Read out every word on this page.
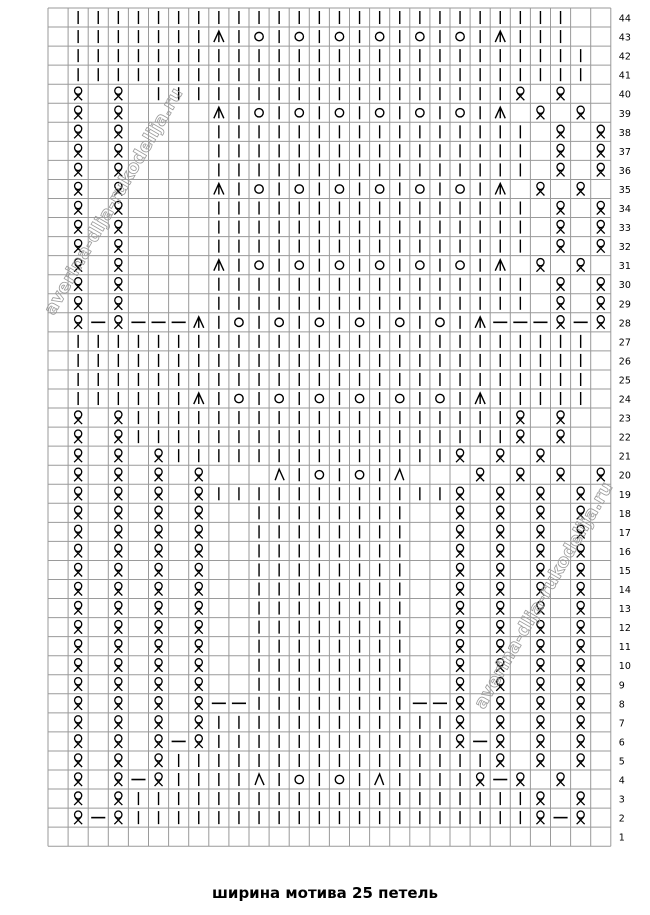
1
2
3
4
5
6
7
8
9
10
11
12
13
14
15
16
17
18
19
20
21
22
23
24
25
26
27
28
29
30
31
32
33
34
35
36
37
38
39
40
41
42
43
44
averina-dlja-rukodelija.ru
averina-dlja-rukodelija.ru
ширина мотива 25 петель
